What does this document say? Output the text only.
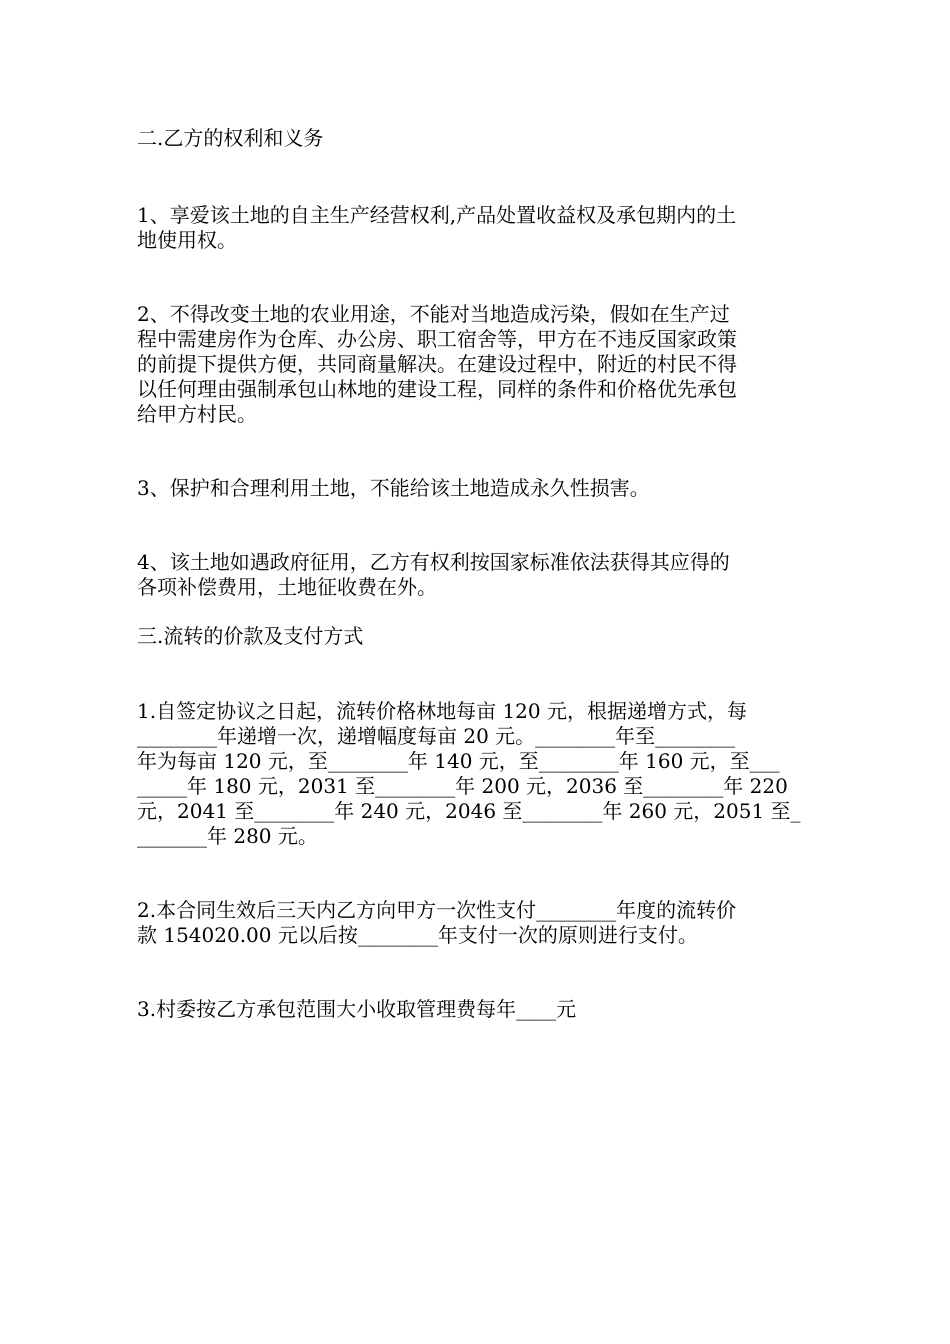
二.乙方的权利和义务

1、享爱该土地的自主生产经营权利,产品处置收益权及承包期内的土

地使用权。

2、不得改变土地的农业用途，不能对当地造成污染，假如在生产过

程中需建房作为仓库、办公房、职工宿舍等，甲方在不违反国家政策

的前提下提供方便，共同商量解决。在建设过程中，附近的村民不得

以任何理由强制承包山林地的建设工程，同样的条件和价格优先承包

给甲方村民。

3、保护和合理利用土地，不能给该土地造成永久性损害。

4、该土地如遇政府征用，乙方有权利按国家标准依法获得其应得的

各项补偿费用，土地征收费在外。

三.流转的价款及支付方式

1.自签定协议之日起，流转价格林地每亩 120 元，根据递增方式，每

________年递增一次，递增幅度每亩 20 元。________年至________

年为每亩 120 元，至________年 140 元，至________年 160 元，至___

_____年 180 元，2031 至________年 200 元，2036 至________年 220

元，2041 至________年 240 元，2046 至________年 260 元，2051 至_

_______年 280 元。

2.本合同生效后三天内乙方向甲方一次性支付________年度的流转价

款 154020.00 元以后按________年支付一次的原则进行支付。

3.村委按乙方承包范围大小收取管理费每年____元
